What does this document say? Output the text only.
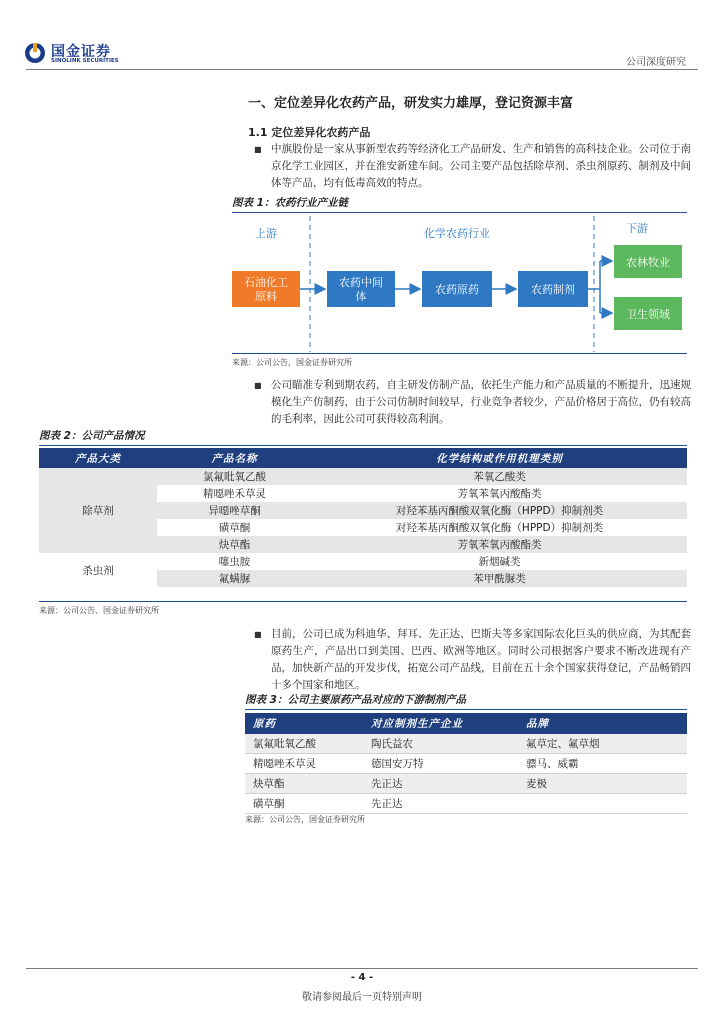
国金证券
SINOLINK SECURITIES	公司深度研究
一、定位差异化农药产品，研发实力雄厚，登记资源丰富
1.1 定位差异化农药产品
■ 中旗股份是一家从事新型农药等经济化工产品研发、生产和销售的高科技企业。公司位于南京化学工业园区，并在淮安新建车间。公司主要产品包括除草剂、杀虫剂原药、制剂及中间体等产品，均有低毒高效的特点。
图表 1：农药行业产业链
上游	化学农药行业	下游
石油化工原料
农药中间体
农药原药	农药制剂
农林牧业
卫生领域
来源：公司公告，国金证券研究所
■ 公司瞄准专利到期农药，自主研发仿制产品，依托生产能力和产品质量的不断提升，迅速规模化生产仿制药，由于公司仿制时间较早，行业竞争者较少，产品价格居于高位，仍有较高的毛利率，因此公司可获得较高利润。
图表 2：公司产品情况
产品大类	产品名称	化学结构或作用机理类别
除草剂	氯氟吡氧乙酸	苯氧乙酸类
	精噁唑禾草灵	芳氧苯氧丙酸酯类
	异噁唑草酮	对羟苯基丙酮酸双氧化酶（HPPD）抑制剂类
	磺草酮	对羟苯基丙酮酸双氧化酶（HPPD）抑制剂类
	炔草酯	芳氧苯氧丙酸酯类
杀虫剂	噻虫胺	新烟碱类
	氟螨脲	苯甲酰脲类
来源：公司公告、国金证券研究所
■ 目前，公司已成为科迪华、拜耳、先正达、巴斯夫等多家国际农化巨头的供应商，为其配套原药生产，产品出口到美国、巴西、欧洲等地区。同时公司根据客户要求不断改进现有产品，加快新产品的开发步伐，拓宽公司产品线，目前在五十余个国家获得登记，产品畅销四十多个国家和地区。
图表 3：公司主要原药产品对应的下游制剂产品
原药	对应制剂生产企业	品牌
氯氟吡氧乙酸	陶氏益农	氟草定、氟草烟
精噁唑禾草灵	德国安万特	骠马、威霸
炔草酯	先正达	麦极
磺草酮	先正达	
来源：公司公告，国金证券研究所
- 4 -
敬请参阅最后一页特别声明
